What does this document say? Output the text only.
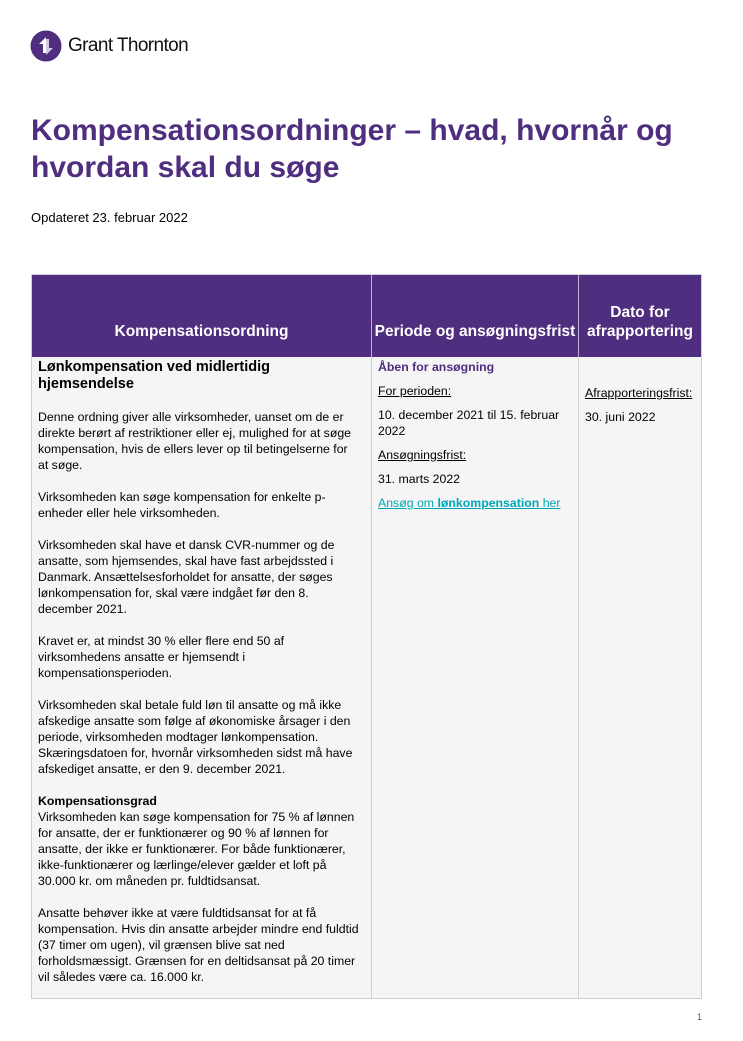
Grant Thornton
Kompensationsordninger – hvad, hvornår og hvordan skal du søge
Opdateret 23. februar 2022
Kompensationsordning	Periode og ansøgningsfrist
Dato for afrapportering

Lønkompensation ved midlertidig hjemsendelse

Denne ordning giver alle virksomheder, uanset om de er direkte berørt af restriktioner eller ej, mulighed for at søge kompensation, hvis de ellers lever op til betingelserne for at søge.

Virksomheden kan søge kompensation for enkelte p-enheder eller hele virksomheden.

Virksomheden skal have et dansk CVR-nummer og de ansatte, som hjemsendes, skal have fast arbejdssted i Danmark. Ansættelsesforholdet for ansatte, der søges lønkompensation for, skal være indgået før den 8. december 2021.

Kravet er, at mindst 30 % eller flere end 50 af virksomhedens ansatte er hjemsendt i kompensationsperioden.

Virksomheden skal betale fuld løn til ansatte og må ikke afskedige ansatte som følge af økonomiske årsager i den periode, virksomheden modtager lønkompensation. Skæringsdatoen for, hvornår virksomheden sidst må have afskediget ansatte, er den 9. december 2021.

Kompensationsgrad

Virksomheden kan søge kompensation for 75 % af lønnen for ansatte, der er funktionærer og 90 % af lønnen for ansatte, der ikke er funktionærer. For både funktionærer, ikke-funktionærer og lærlinge/elever gælder et loft på 30.000 kr. om måneden pr. fuldtidsansat.

Ansatte behøver ikke at være fuldtidsansat for at få kompensation. Hvis din ansatte arbejder mindre end fuldtid (37 timer om ugen), vil grænsen blive sat ned forholdsmæssigt. Grænsen for en deltidsansat på 20 timer vil således være ca. 16.000 kr.

Åben for ansøgning
For perioden:
10. december 2021 til 15. februar 2022
Ansøgningsfrist:
31. marts 2022
Ansøg om lønkompensation her
Afrapporteringsfrist:
30. juni 2022
1
